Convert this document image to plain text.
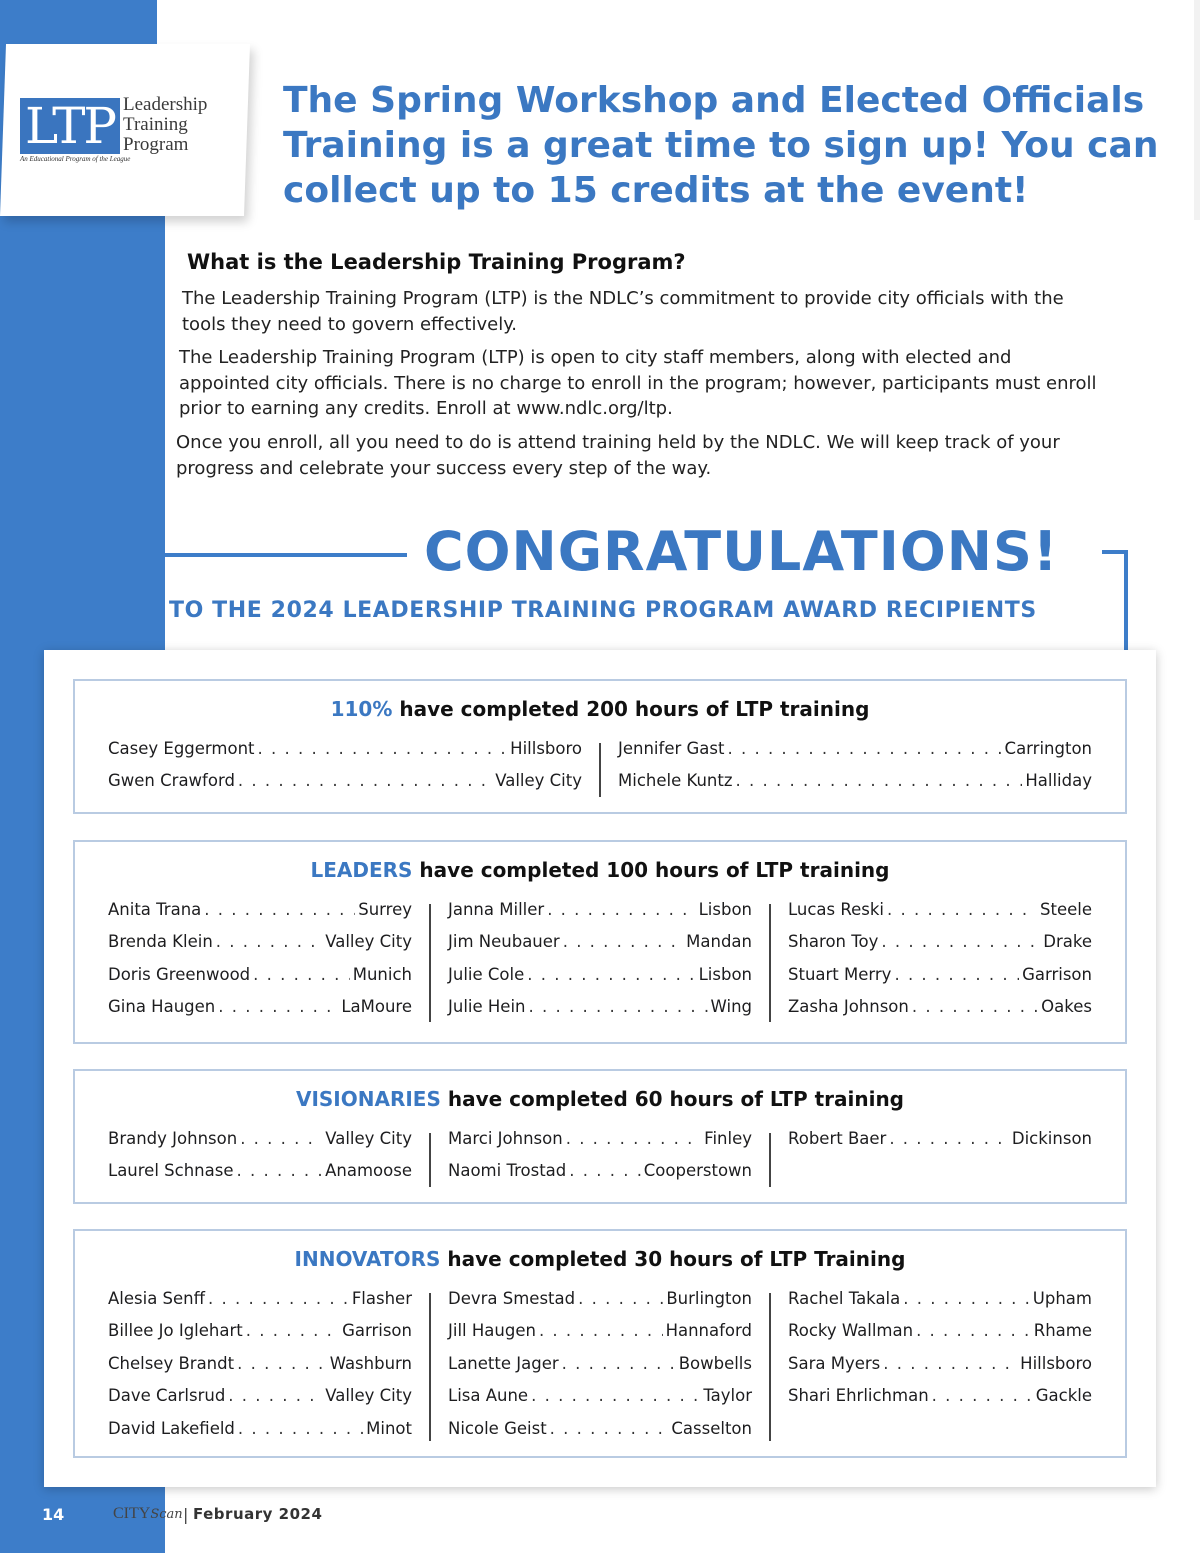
LTP Leadership
Training
Program
An Educational Program of the League
The Spring Workshop and Elected Officials
Training is a great time to sign up! You can
collect up to 15 credits at the event!
What is the Leadership Training Program?

The Leadership Training Program (LTP) is the NDLC’s commitment to provide city officials with the
tools they need to govern effectively.

The Leadership Training Program (LTP) is open to city staff members, along with elected and
appointed city officials. There is no charge to enroll in the program; however, participants must enroll
prior to earning any credits. Enroll at www.ndlc.org/ltp.

Once you enroll, all you need to do is attend training held by the NDLC. We will keep track of your
progress and celebrate your success every step of the way.

CONGRATULATIONS!
TO THE 2024 LEADERSHIP TRAINING PROGRAM AWARD RECIPIENTS
110% have completed 200 hours of LTP training
Casey Eggermont . . .	Hillsboro
Gwen Crawford . . .	Valley City
Jennifer Gast . . .	Carrington
Michele Kuntz . . .	Halliday
LEADERS have completed 100 hours of LTP training
Anita Trana . . .	Surrey
Brenda Klein . . .	Valley City
Doris Greenwood . . .	Munich
Gina Haugen . . .	LaMoure
Janna Miller . . .	Lisbon
Jim Neubauer . . .	Mandan
Julie Cole . . .	Lisbon
Julie Hein . . .	Wing
Lucas Reski . . .	Steele
Sharon Toy . . .	Drake
Stuart Merry . . .	Garrison
Zasha Johnson . . .	Oakes
VISIONARIES have completed 60 hours of LTP training
Brandy Johnson . . .	Valley City
Laurel Schnase . . .	Anamoose
Marci Johnson . . .	Finley
Naomi Trostad . . .	Cooperstown
Robert Baer . . .	Dickinson
INNOVATORS have completed 30 hours of LTP Training
Alesia Senff . . .	Flasher
Billee Jo Iglehart . . .	Garrison
Chelsey Brandt . . .	Washburn
Dave Carlsrud . . .	Valley City
David Lakefield . . .	Minot
Devra Smestad . . .	Burlington
Jill Haugen . . .	Hannaford
Lanette Jager . . .	Bowbells
Lisa Aune . . .	Taylor
Nicole Geist . . .	Casselton
Rachel Takala . . .	Upham
Rocky Wallman . . .	Rhame
Sara Myers . . .	Hillsboro
Shari Ehrlichman . . .	Gackle
14	CITYScan | February 2024
